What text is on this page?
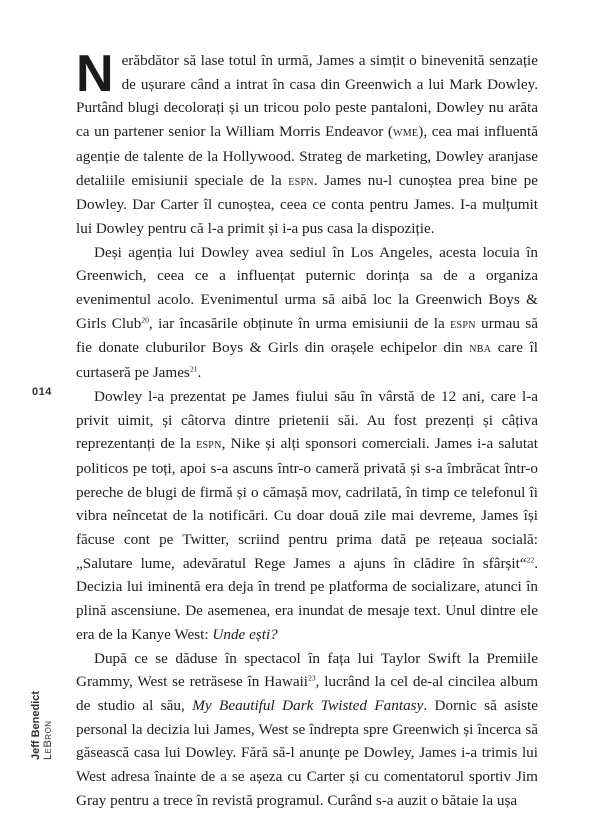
014
Jeff Benedict
LeBron

Nerăbdător să lase totul în urmă, James a simțit o binevenită senzație de ușurare când a intrat în casa din Greenwich a lui Mark Dowley. Purtând blugi decolorați și un tricou polo peste pantaloni, Dowley nu arăta ca un partener senior la William Morris Endeavor (wme), cea mai influentă agenție de talente de la Hollywood. Strateg de marketing, Dowley aranjase detaliile emisiunii speciale de la espn. James nu-l cunoștea prea bine pe Dowley. Dar Carter îl cunoștea, ceea ce conta pentru James. I-a mulțumit lui Dowley pentru că l-a primit și i-a pus casa la dispoziție.

Deși agenția lui Dowley avea sediul în Los Angeles, acesta locuia în Greenwich, ceea ce a influențat puternic dorința sa de a organiza evenimentul acolo. Evenimentul urma să aibă loc la Greenwich Boys & Girls Club$^{20}$, iar încasările obținute în urma emisiunii de la espn urmau să fie donate cluburilor Boys & Girls din orașele echipelor din nba care îl curtaseră pe James$^{21}$.

Dowley l-a prezentat pe James fiului său în vârstă de 12 ani, care l-a privit uimit, și câtorva dintre prietenii săi. Au fost prezenți și câțiva reprezentanți de la espn, Nike și alți sponsori comerciali. James i-a salutat politicos pe toți, apoi s-a ascuns într-o cameră privată și s-a îmbrăcat într-o pereche de blugi de firmă și o cămașă mov, cadrilată, în timp ce telefonul îi vibra neîncetat de la notificări. Cu doar două zile mai devreme, James își făcuse cont pe Twitter, scriind pentru prima dată pe rețeaua socială: „Salutare lume, adevăratul Rege James a ajuns în clădire în sfârșit“$^{22}$. Decizia lui iminentă era deja în trend pe platforma de socializare, atunci în plină ascensiune. De asemenea, era inundat de mesaje text. Unul dintre ele era de la Kanye West: Unde ești?

După ce se dăduse în spectacol în fața lui Taylor Swift la Premiile Grammy, West se retrăsese în Hawaii$^{23}$, lucrând la cel de-al cincilea album de studio al său, My Beautiful Dark Twisted Fantasy. Dornic să asiste personal la decizia lui James, West se îndrepta spre Greenwich și încerca să găsească casa lui Dowley. Fără să-l anunțe pe Dowley, James i-a trimis lui West adresa înainte de a se așeza cu Carter și cu comentatorul sportiv Jim Gray pentru a trece în revistă programul. Curând s-a auzit o bătaie la ușa
